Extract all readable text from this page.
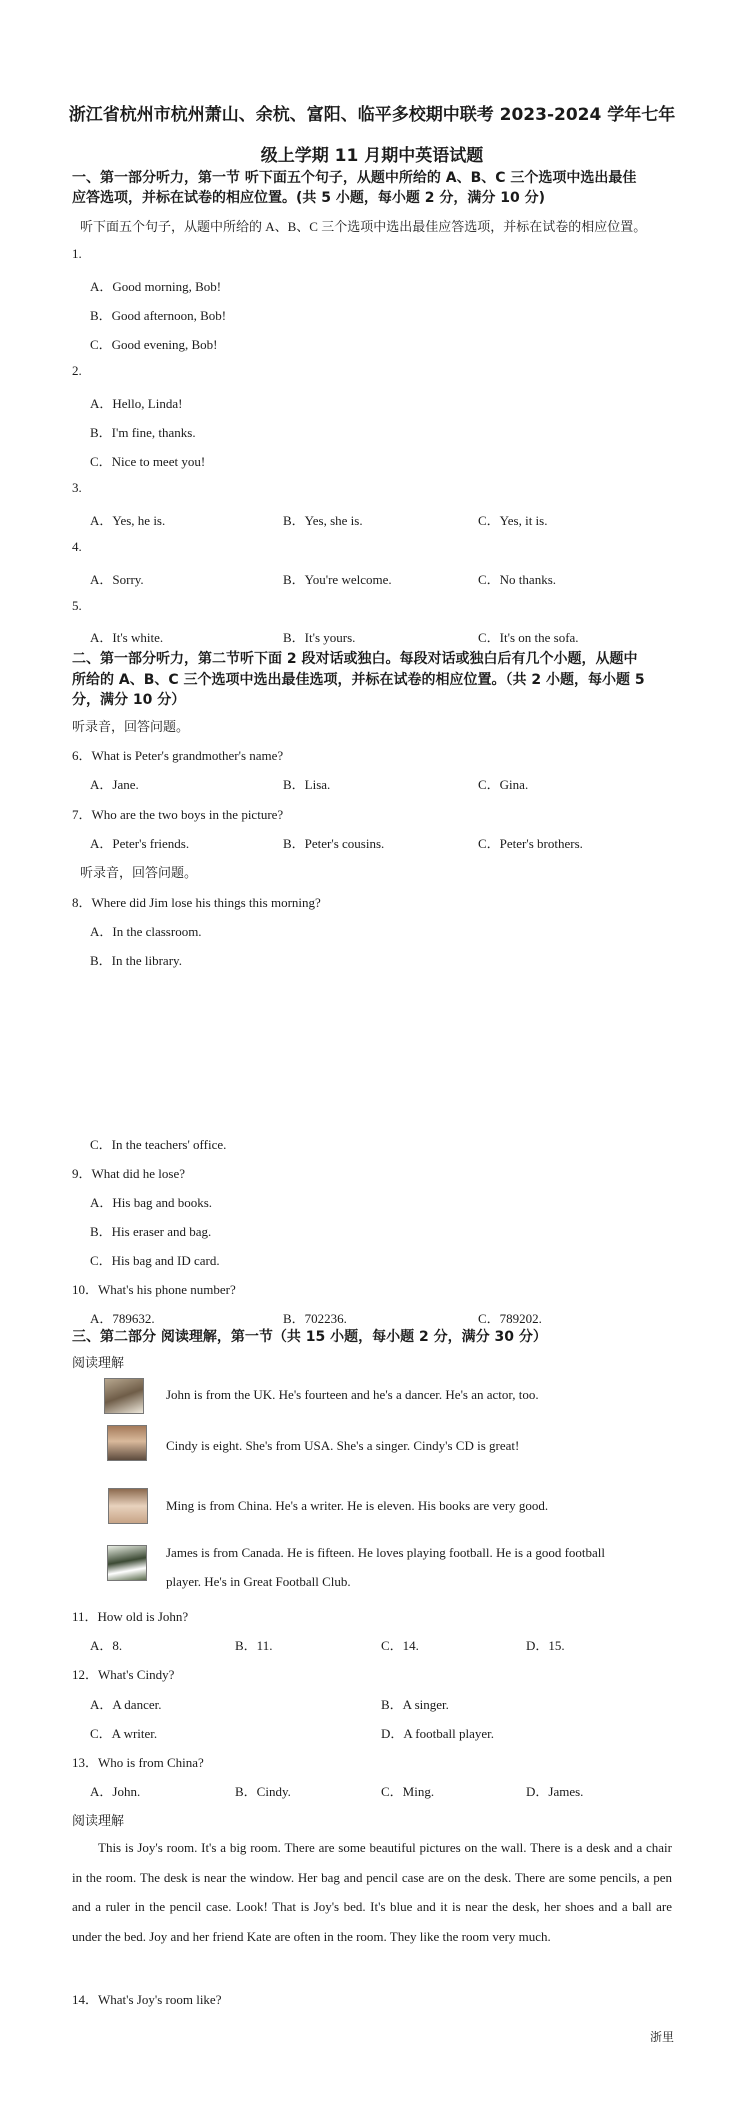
浙江省杭州市杭州萧山、余杭、富阳、临平多校期中联考 2023-2024 学年七年
级上学期 11 月期中英语试题
一、第一部分听力，第一节 听下面五个句子，从题中所给的 A、B、C 三个选项中选出最佳
应答选项，并标在试卷的相应位置。(共 5 小题，每小题 2 分，满分 10 分)
听下面五个句子，从题中所给的 A、B、C 三个选项中选出最佳应答选项，并标在试卷的相应位置。
1.
A．Good morning, Bob!
B．Good afternoon, Bob!
C．Good evening, Bob!
2.
A．Hello, Linda!
B．I'm fine, thanks.
C．Nice to meet you!
3.
A．Yes, he is.	B．Yes, she is.	C．Yes, it is.
4.
A．Sorry.	B．You're welcome.	C．No thanks.
5.
A．It's white.	B．It's yours.	C．It's on the sofa.
二、第一部分听力，第二节听下面 2 段对话或独白。每段对话或独白后有几个小题，从题中
所给的 A、B、C 三个选项中选出最佳选项，并标在试卷的相应位置。（共 2 小题，每小题 5
分，满分 10 分）
听录音，回答问题。
6．What is Peter's grandmother's name?
A．Jane.	B．Lisa.	C．Gina.
7．Who are the two boys in the picture?
A．Peter's friends.	B．Peter's cousins.	C．Peter's brothers.
听录音，回答问题。
8．Where did Jim lose his things this morning?
A．In the classroom.
B．In the library.
C．In the teachers' office.
9．What did he lose?
A．His bag and books.
B．His eraser and bag.
C．His bag and ID card.
10．What's his phone number?
A．789632.	B．702236.	C．789202.
三、第二部分 阅读理解，第一节（共 15 小题，每小题 2 分，满分 30 分）
阅读理解
John is from the UK. He's fourteen and he's a dancer. He's an actor, too.
Cindy is eight. She's from USA. She's a singer. Cindy's CD is great!
Ming is from China. He's a writer. He is eleven. His books are very good.
James is from Canada. He is fifteen. He loves playing football. He is a good football
player. He's in Great Football Club.
11．How old is John?
A．8.	B．11.	C．14.	D．15.
12．What's Cindy?
A．A dancer.	B．A singer.
C．A writer.	D．A football player.
13．Who is from China?
A．John.	B．Cindy.	C．Ming.	D．James.
阅读理解
This is Joy's room. It's a big room. There are some beautiful pictures on the wall. There is a desk and a chair in the room. The desk is near the window. Her bag and pencil case are on the desk. There are some pencils, a pen and a ruler in the pencil case. Look! That is Joy's bed. It's blue and it is near the desk, her shoes and a ball are under the bed. Joy and her friend Kate are often in the room. They like the room very much.
14．What's Joy's room like?
浙里
